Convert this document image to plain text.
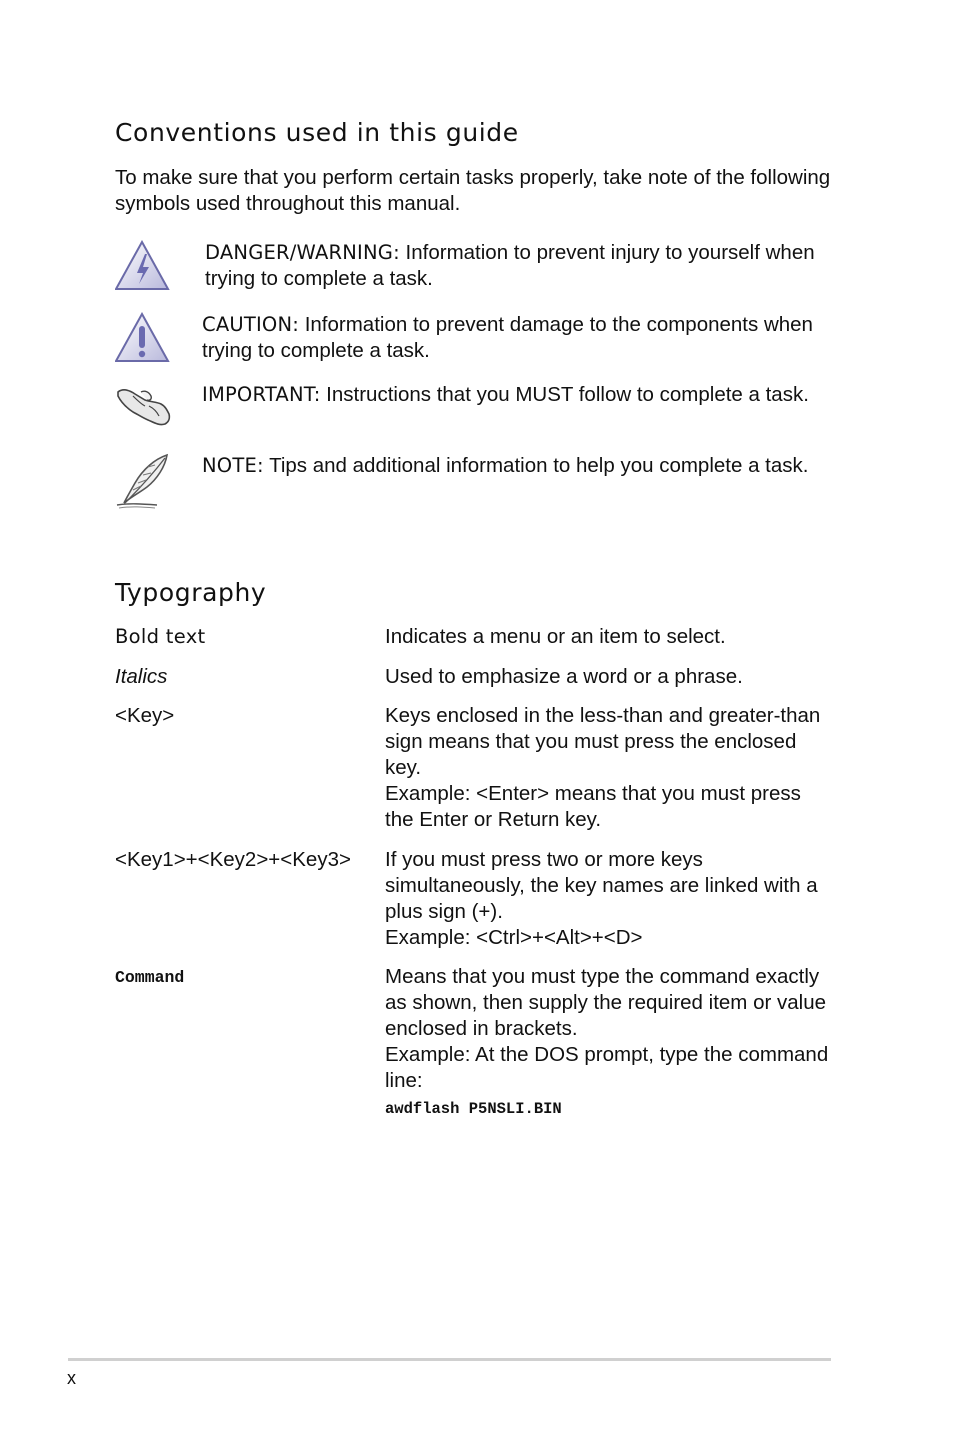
Conventions used in this guide
To make sure that you perform certain tasks properly, take note of the following symbols used throughout this manual.
DANGER/WARNING: Information to prevent injury to yourself when trying to complete a task.
CAUTION: Information to prevent damage to the components when trying to complete a task.
IMPORTANT: Instructions that you MUST follow to complete a task.
NOTE: Tips and additional information to help you complete a task.
Typography
Bold text	Indicates a menu or an item to select.
Italics	Used to emphasize a word or a phrase.
<Key>	Keys enclosed in the less-than and greater-than sign means that you must press the enclosed key.
Example: <Enter> means that you must press the Enter or Return key.
<Key1>+<Key2>+<Key3>	If you must press two or more keys simultaneously, the key names are linked with a plus sign (+).
Example: <Ctrl>+<Alt>+<D>
Command	Means that you must type the command exactly as shown, then supply the required item or value enclosed in brackets.
Example: At the DOS prompt, type the command line:
awdflash P5NSLI.BIN
x
